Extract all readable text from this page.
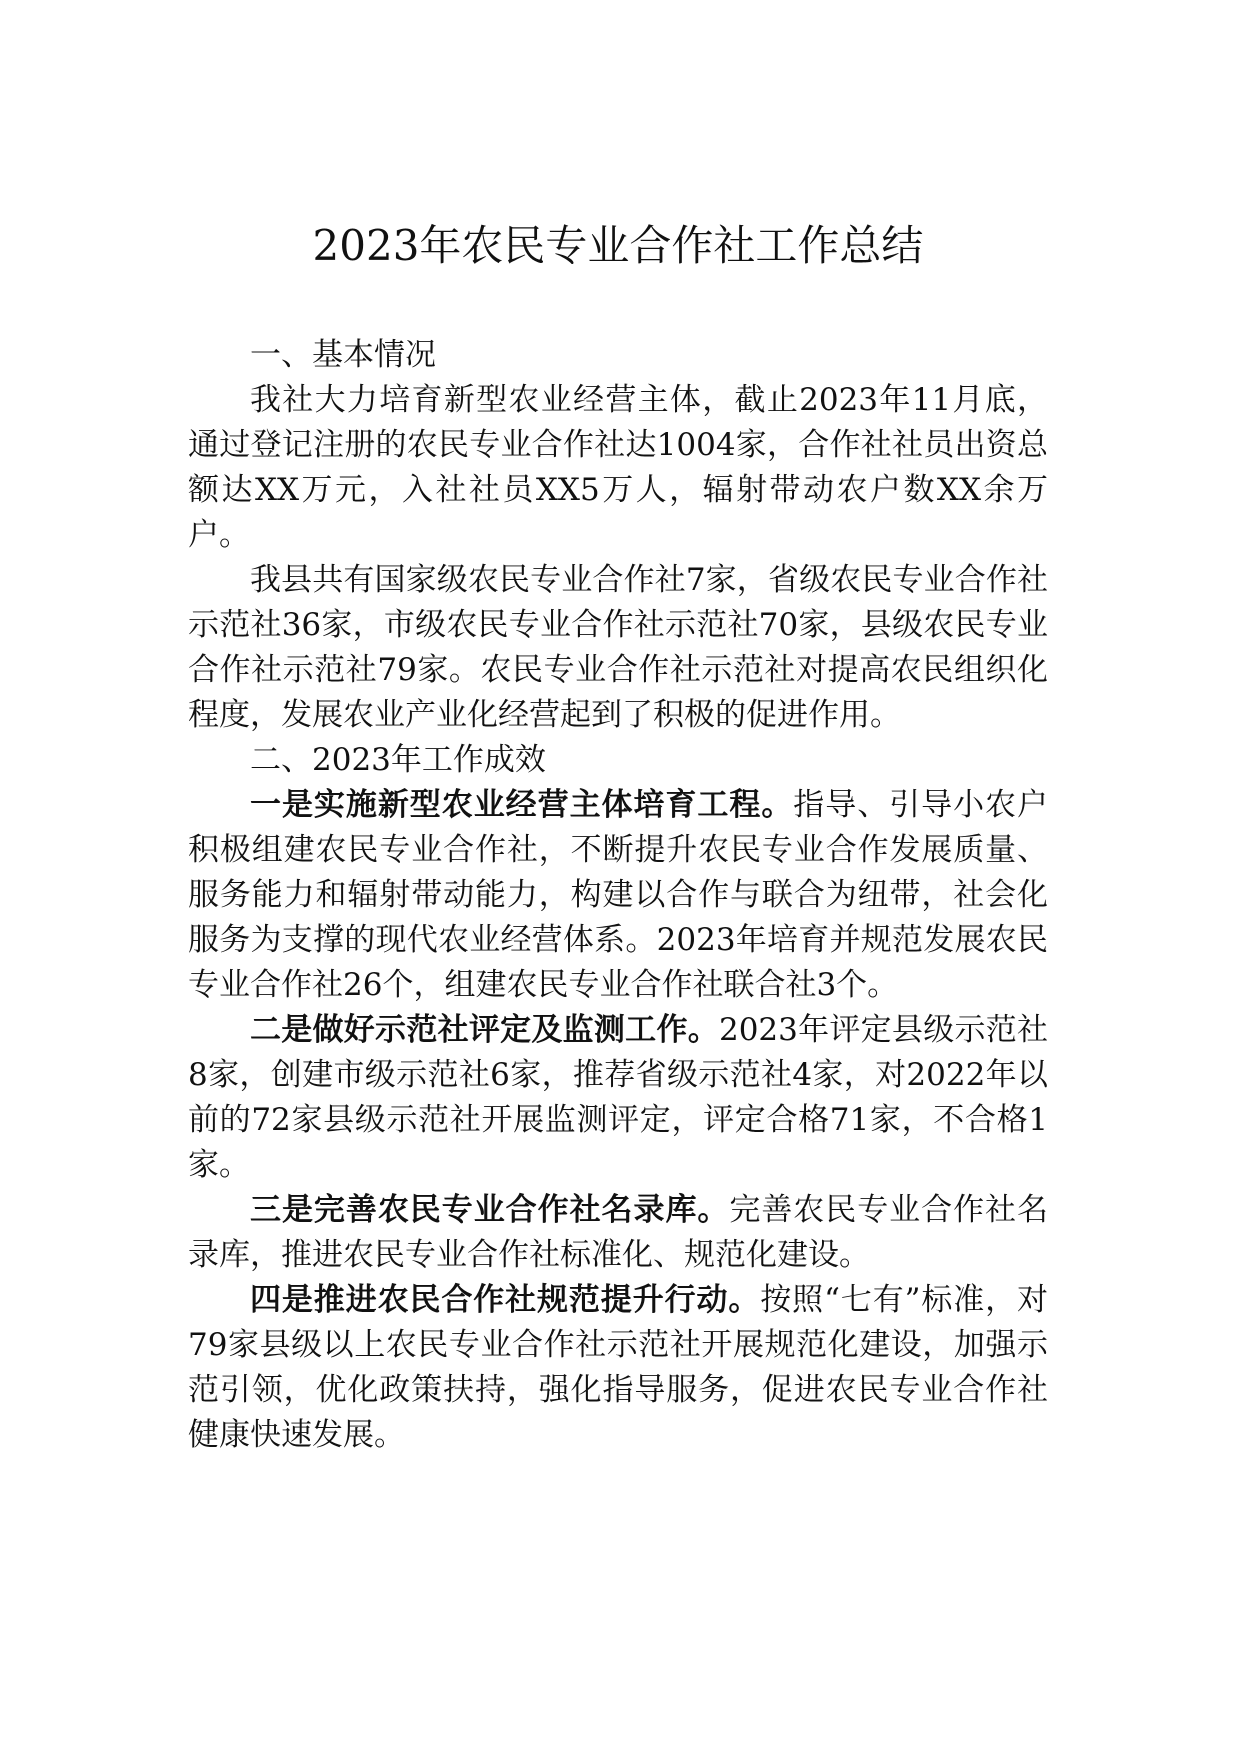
2023年农民专业合作社工作总结

一、基本情况

我社大力培育新型农业经营主体，截止2023年11月底，通过登记注册的农民专业合作社达1004家，合作社社员出资总额达XX万元，入社社员XX5万人，辐射带动农户数XX余万户。

我县共有国家级农民专业合作社7家，省级农民专业合作社示范社36家，市级农民专业合作社示范社70家，县级农民专业合作社示范社79家。农民专业合作社示范社对提高农民组织化程度，发展农业产业化经营起到了积极的促进作用。

二、2023年工作成效

一是实施新型农业经营主体培育工程。指导、引导小农户积极组建农民专业合作社，不断提升农民专业合作发展质量、服务能力和辐射带动能力，构建以合作与联合为纽带，社会化服务为支撑的现代农业经营体系。2023年培育并规范发展农民专业合作社26个，组建农民专业合作社联合社3个。

二是做好示范社评定及监测工作。2023年评定县级示范社8家，创建市级示范社6家，推荐省级示范社4家，对2022年以前的72家县级示范社开展监测评定，评定合格71家，不合格1家。

三是完善农民专业合作社名录库。完善农民专业合作社名录库，推进农民专业合作社标准化、规范化建设。

四是推进农民合作社规范提升行动。按照“七有”标准，对79家县级以上农民专业合作社示范社开展规范化建设，加强示范引领，优化政策扶持，强化指导服务，促进农民专业合作社健康快速发展。
